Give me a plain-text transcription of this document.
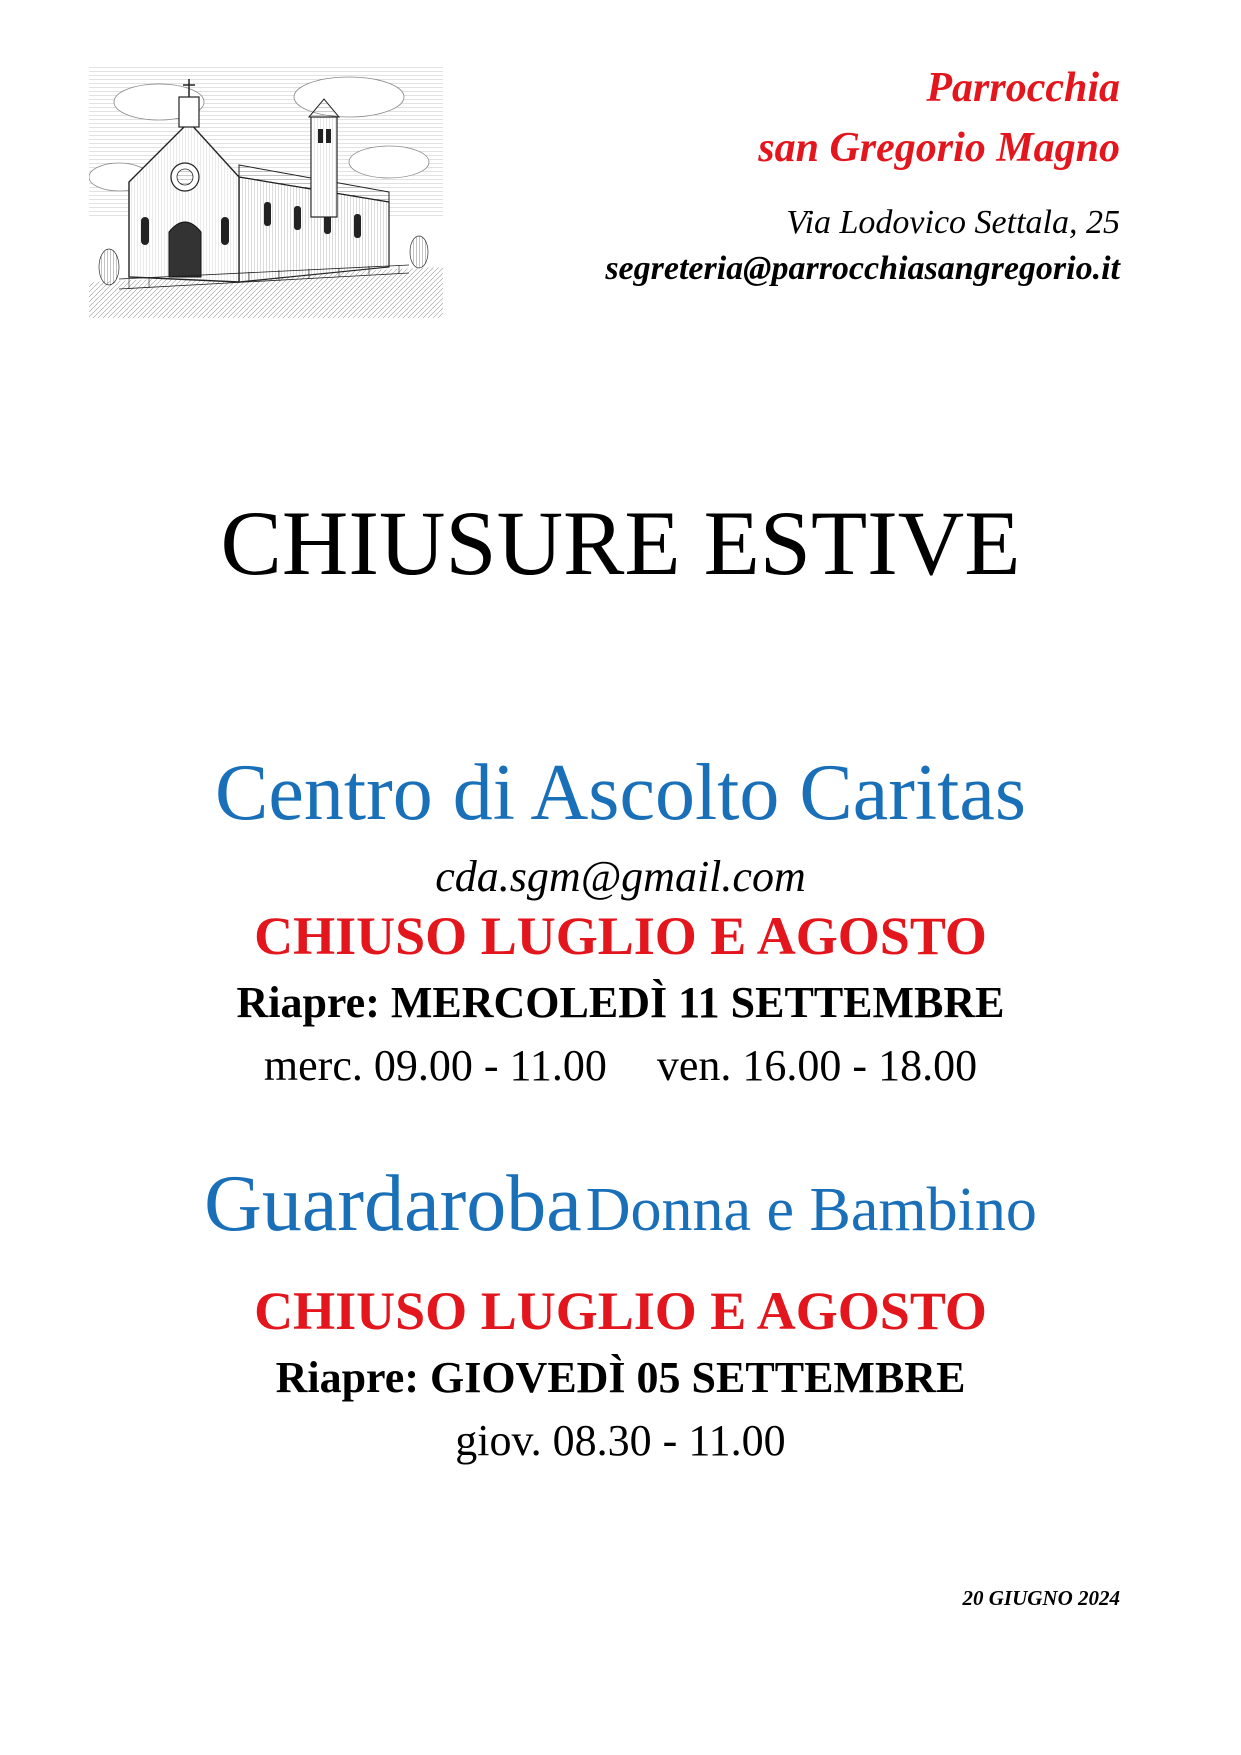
Parrocchia
san Gregorio Magno
Via Lodovico Settala, 25
segreteria@parrocchiasangregorio.it
CHIUSURE ESTIVE
Centro di Ascolto Caritas
cda.sgm@gmail.com
CHIUSO LUGLIO E AGOSTO
Riapre: MERCOLEDÌ 11 SETTEMBRE
merc. 09.00 - 11.00 ven. 16.00 - 18.00
Guardaroba Donna e Bambino
CHIUSO LUGLIO E AGOSTO
Riapre: GIOVEDÌ 05 SETTEMBRE
giov. 08.30 - 11.00
20 GIUGNO 2024
